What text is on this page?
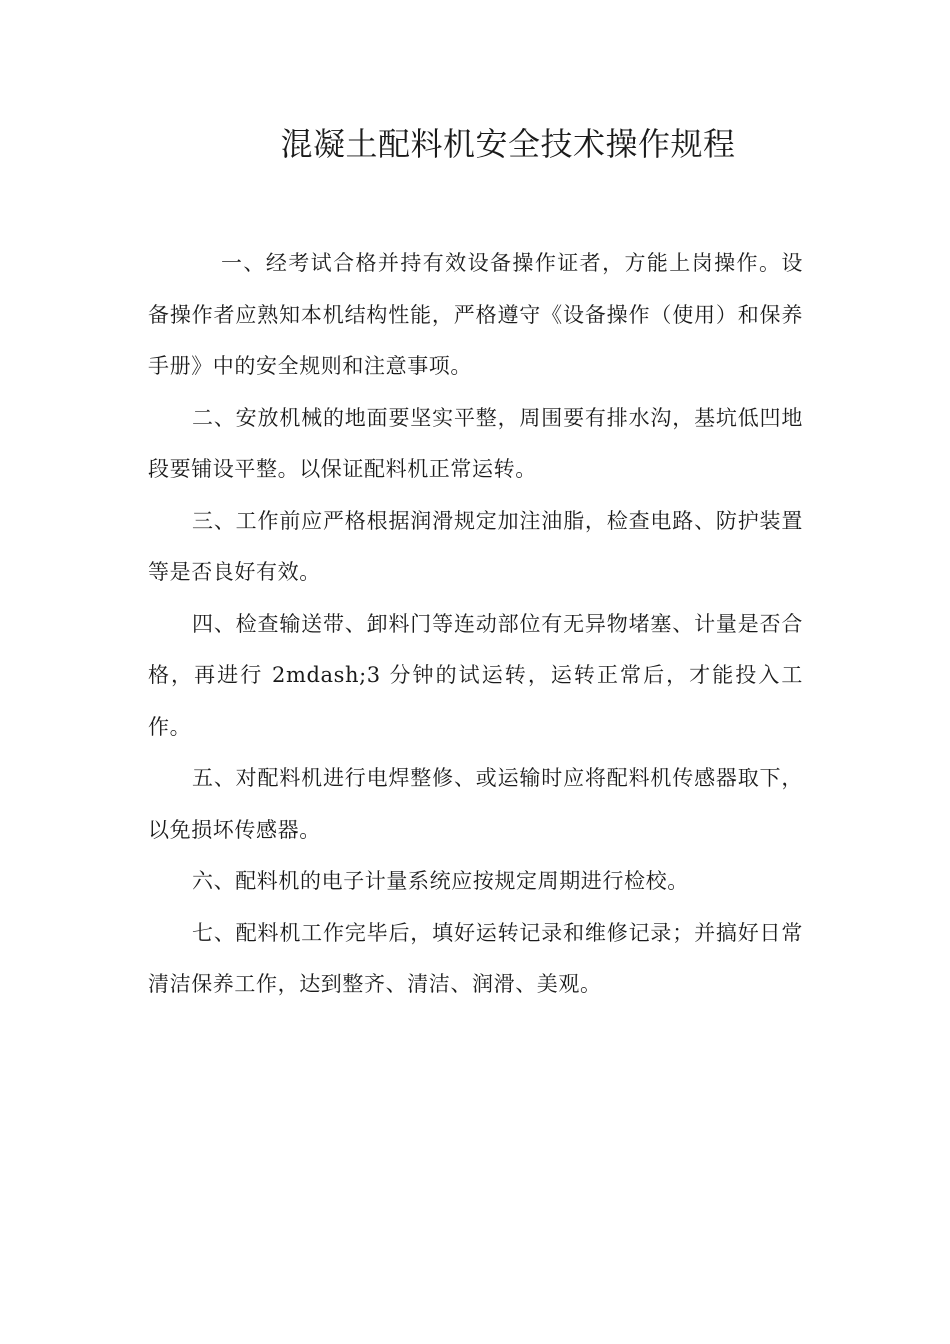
混凝土配料机安全技术操作规程

一、经考试合格并持有效设备操作证者，方能上岗操作。设备操作者应熟知本机结构性能，严格遵守《设备操作（使用）和保养手册》中的安全规则和注意事项。

二、安放机械的地面要坚实平整，周围要有排水沟，基坑低凹地段要铺设平整。以保证配料机正常运转。

三、工作前应严格根据润滑规定加注油脂，检查电路、防护装置等是否良好有效。

四、检查输送带、卸料门等连动部位有无异物堵塞、计量是否合格，再进行 2mdash;3 分钟的试运转，运转正常后，才能投入工作。

五、对配料机进行电焊整修、或运输时应将配料机传感器取下，以免损坏传感器。

六、配料机的电子计量系统应按规定周期进行检校。

七、配料机工作完毕后，填好运转记录和维修记录；并搞好日常清洁保养工作，达到整齐、清洁、润滑、美观。
